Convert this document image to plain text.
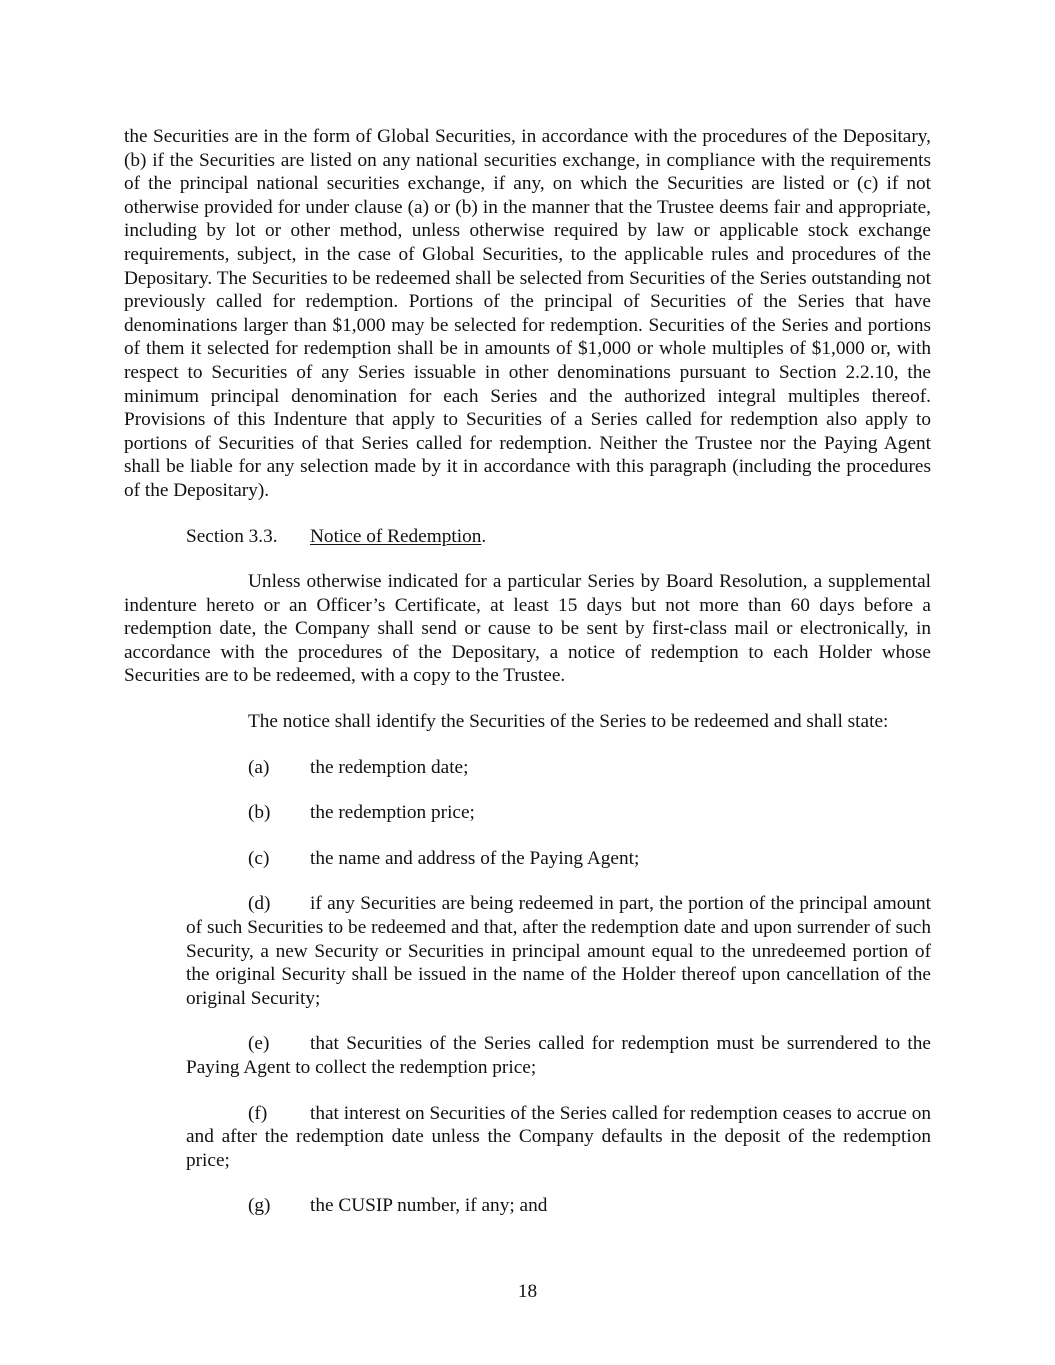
the Securities are in the form of Global Securities, in accordance with the procedures of the Depositary, (b) if the Securities are listed on any national securities exchange, in compliance with the requirements of the principal national securities exchange, if any, on which the Securities are listed or (c) if not otherwise provided for under clause (a) or (b) in the manner that the Trustee deems fair and appropriate, including by lot or other method, unless otherwise required by law or applicable stock exchange requirements, subject, in the case of Global Securities, to the applicable rules and procedures of the Depositary. The Securities to be redeemed shall be selected from Securities of the Series outstanding not previously called for redemption. Portions of the principal of Securities of the Series that have denominations larger than $1,000 may be selected for redemption. Securities of the Series and portions of them it selected for redemption shall be in amounts of $1,000 or whole multiples of $1,000 or, with respect to Securities of any Series issuable in other denominations pursuant to Section 2.2.10, the minimum principal denomination for each Series and the authorized integral multiples thereof. Provisions of this Indenture that apply to Securities of a Series called for redemption also apply to portions of Securities of that Series called for redemption. Neither the Trustee nor the Paying Agent shall be liable for any selection made by it in accordance with this paragraph (including the procedures of the Depositary).

Section 3.3. Notice of Redemption.

Unless otherwise indicated for a particular Series by Board Resolution, a supplemental indenture hereto or an Officer’s Certificate, at least 15 days but not more than 60 days before a redemption date, the Company shall send or cause to be sent by first-class mail or electronically, in accordance with the procedures of the Depositary, a notice of redemption to each Holder whose Securities are to be redeemed, with a copy to the Trustee.

The notice shall identify the Securities of the Series to be redeemed and shall state:

(a) the redemption date;

(b) the redemption price;

(c) the name and address of the Paying Agent;

(d) if any Securities are being redeemed in part, the portion of the principal amount of such Securities to be redeemed and that, after the redemption date and upon surrender of such Security, a new Security or Securities in principal amount equal to the unredeemed portion of the original Security shall be issued in the name of the Holder thereof upon cancellation of the original Security;

(e) that Securities of the Series called for redemption must be surrendered to the Paying Agent to collect the redemption price;

(f) that interest on Securities of the Series called for redemption ceases to accrue on and after the redemption date unless the Company defaults in the deposit of the redemption price;

(g) the CUSIP number, if any; and

18
